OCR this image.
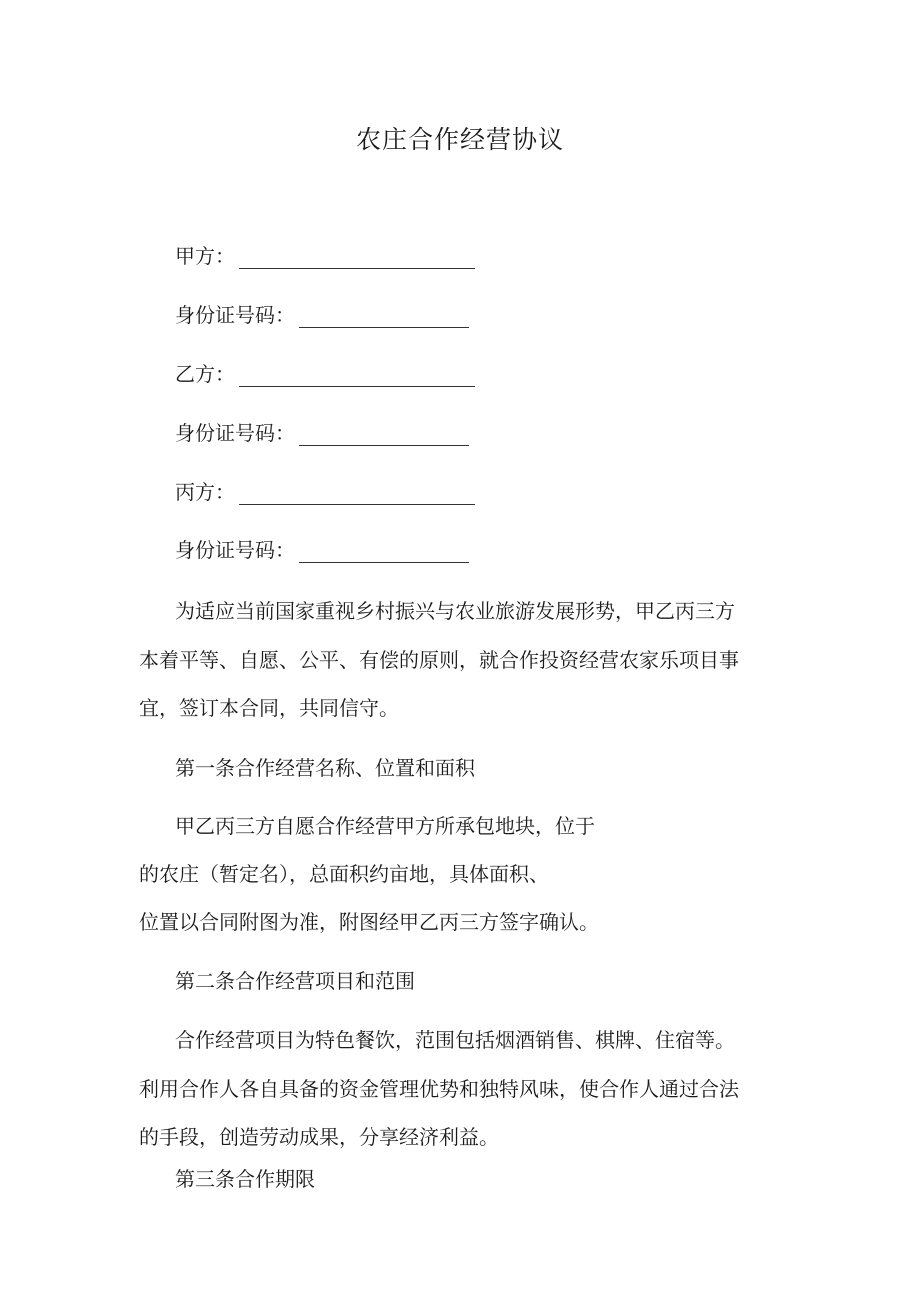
农庄合作经营协议
甲方：
身份证号码：
乙方：
身份证号码：
丙方：
身份证号码：
为适应当前国家重视乡村振兴与农业旅游发展形势，甲乙丙三方
本着平等、自愿、公平、有偿的原则，就合作投资经营农家乐项目事
宜，签订本合同，共同信守。
第一条合作经营名称、位置和面积
甲乙丙三方自愿合作经营甲方所承包地块，位于
的农庄（暂定名），总面积约亩地，具体面积、
位置以合同附图为准，附图经甲乙丙三方签字确认。
第二条合作经营项目和范围
合作经营项目为特色餐饮，范围包括烟酒销售、棋牌、住宿等。
利用合作人各自具备的资金管理优势和独特风味，使合作人通过合法
的手段，创造劳动成果，分享经济利益。
第三条合作期限
